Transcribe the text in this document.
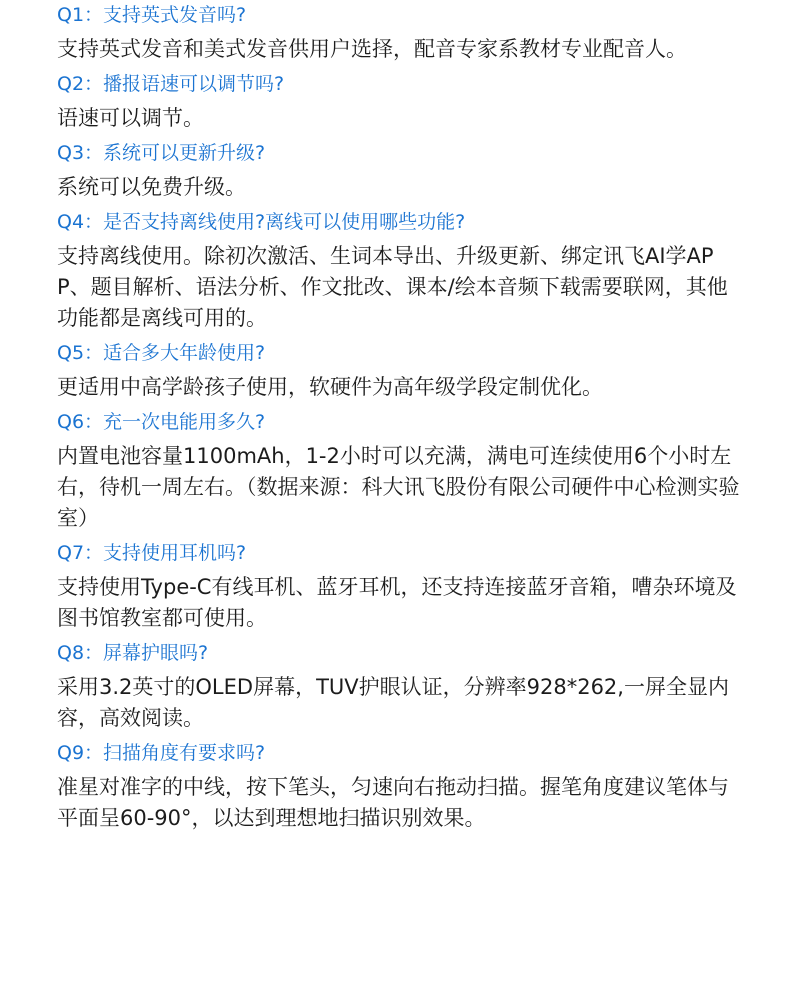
Q1：支持英式发音吗?

支持英式发音和美式发音供用户选择，配音专家系教材专业配音人。

Q2：播报语速可以调节吗?

语速可以调节。

Q3：系统可以更新升级?

系统可以免费升级。

Q4：是否支持离线使用?离线可以使用哪些功能?

支持离线使用。除初次激活、生词本导出、升级更新、绑定讯飞AI学APP、题目解析、语法分析、作文批改、课本/绘本音频下载需要联网，其他功能都是离线可用的。

Q5：适合多大年龄使用?

更适用中高学龄孩子使用，软硬件为高年级学段定制优化。

Q6：充一次电能用多久?

内置电池容量1100mAh，1-2小时可以充满，满电可连续使用6个小时左右，待机一周左右。（数据来源：科大讯飞股份有限公司硬件中心检测实验室）

Q7：支持使用耳机吗?

支持使用Type-C有线耳机、蓝牙耳机，还支持连接蓝牙音箱，嘈杂环境及图书馆教室都可使用。

Q8：屏幕护眼吗?

采用3.2英寸的OLED屏幕，TUV护眼认证，分辨率928*262,一屏全显内容，高效阅读。

Q9：扫描角度有要求吗?

准星对准字的中线，按下笔头，匀速向右拖动扫描。握笔角度建议笔体与平面呈60-90°，以达到理想地扫描识别效果。
